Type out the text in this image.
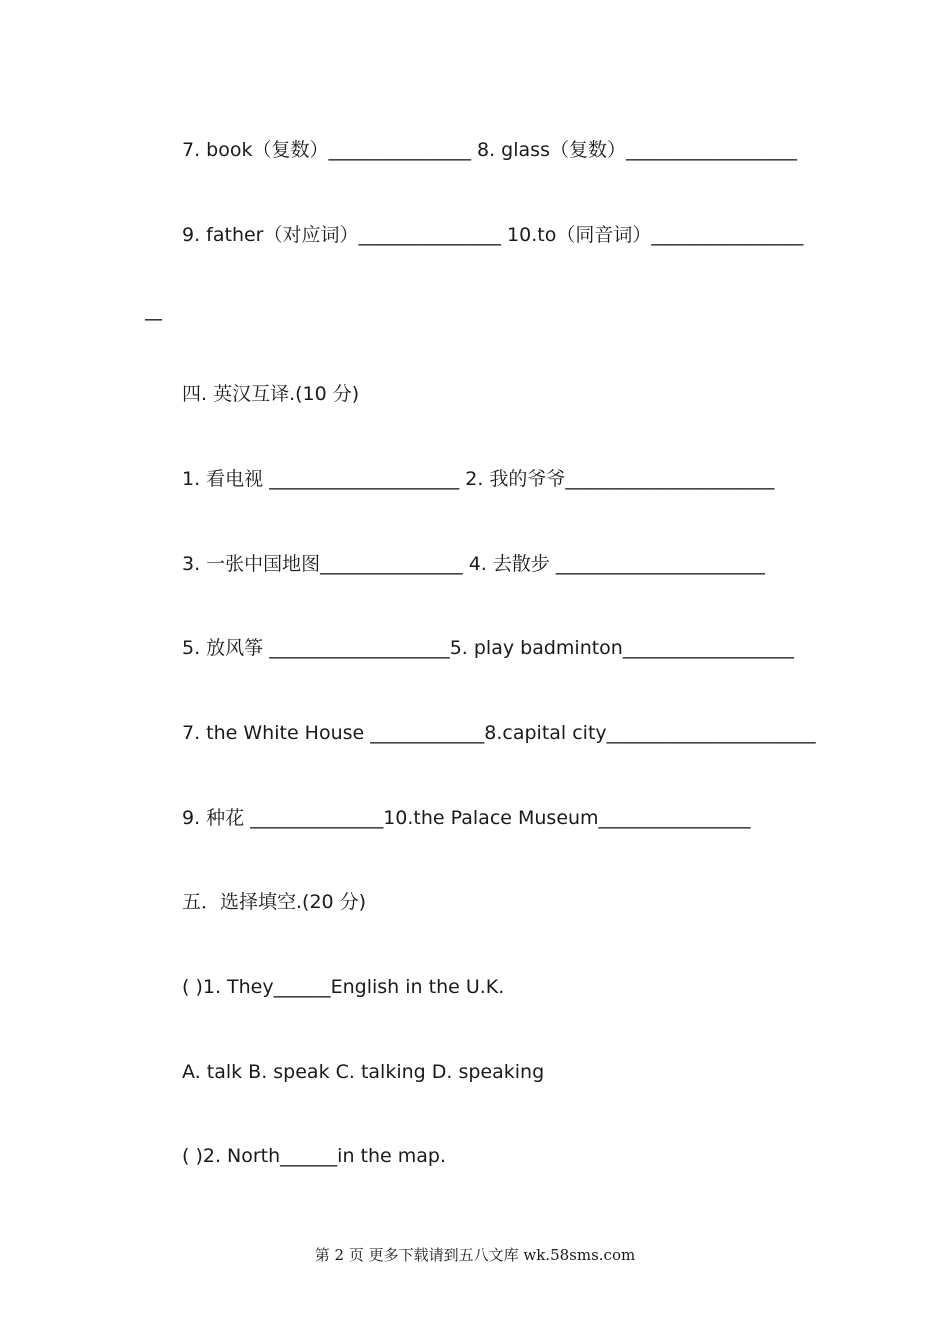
7. book（复数）_______________ 8. glass（复数）__________________
9. father（对应词）_______________ 10.to（同音词）________________
—
四. 英汉互译.(10 分)
1. 看电视 ____________________ 2. 我的爷爷______________________
3. 一张中国地图_______________ 4. 去散步 ______________________
5. 放风筝 ___________________5. play badminton__________________
7. the White House ____________8.capital city______________________
9. 种花 ______________10.the Palace Museum________________
五．选择填空.(20 分)
( )1. They______English in the U.K.
A. talk B. speak C. talking D. speaking
( )2. North______in the map.
第 2 页 更多下载请到五八文库 wk.58sms.com
